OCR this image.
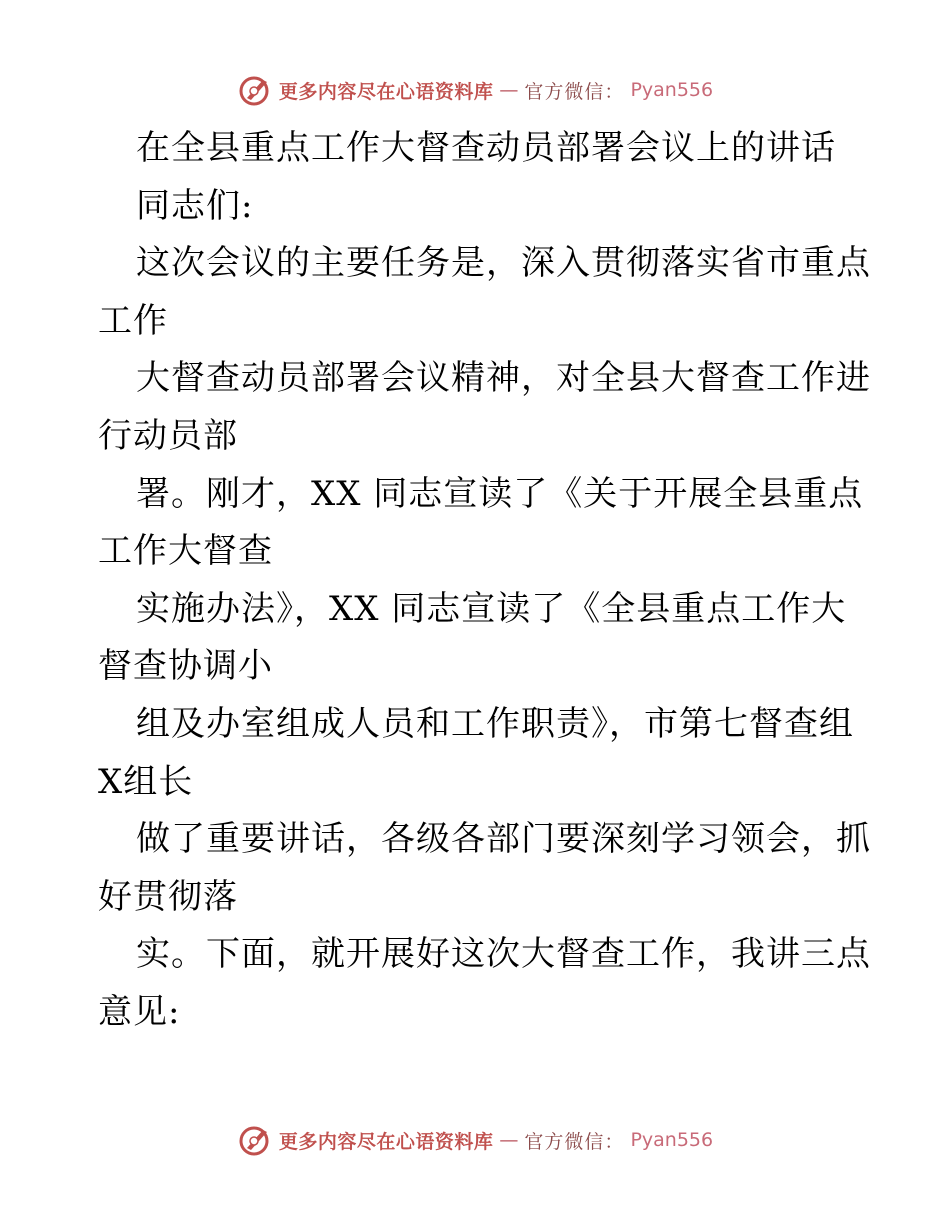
更多内容尽在心语资料库 — 官方微信： Pyan556
在全县重点工作大督查动员部署会议上的讲话
同志们:
这次会议的主要任务是，深入贯彻落实省市重点
工作
大督查动员部署会议精神，对全县大督查工作进
行动员部
署。刚才，XX 同志宣读了《关于开展全县重点
工作大督查
实施办法》，XX 同志宣读了《全县重点工作大
督查协调小
组及办室组成人员和工作职责》，市第七督查组
X组长
做了重要讲话，各级各部门要深刻学习领会，抓
好贯彻落
实。下面，就开展好这次大督查工作，我讲三点
意见:
更多内容尽在心语资料库 — 官方微信： Pyan556
